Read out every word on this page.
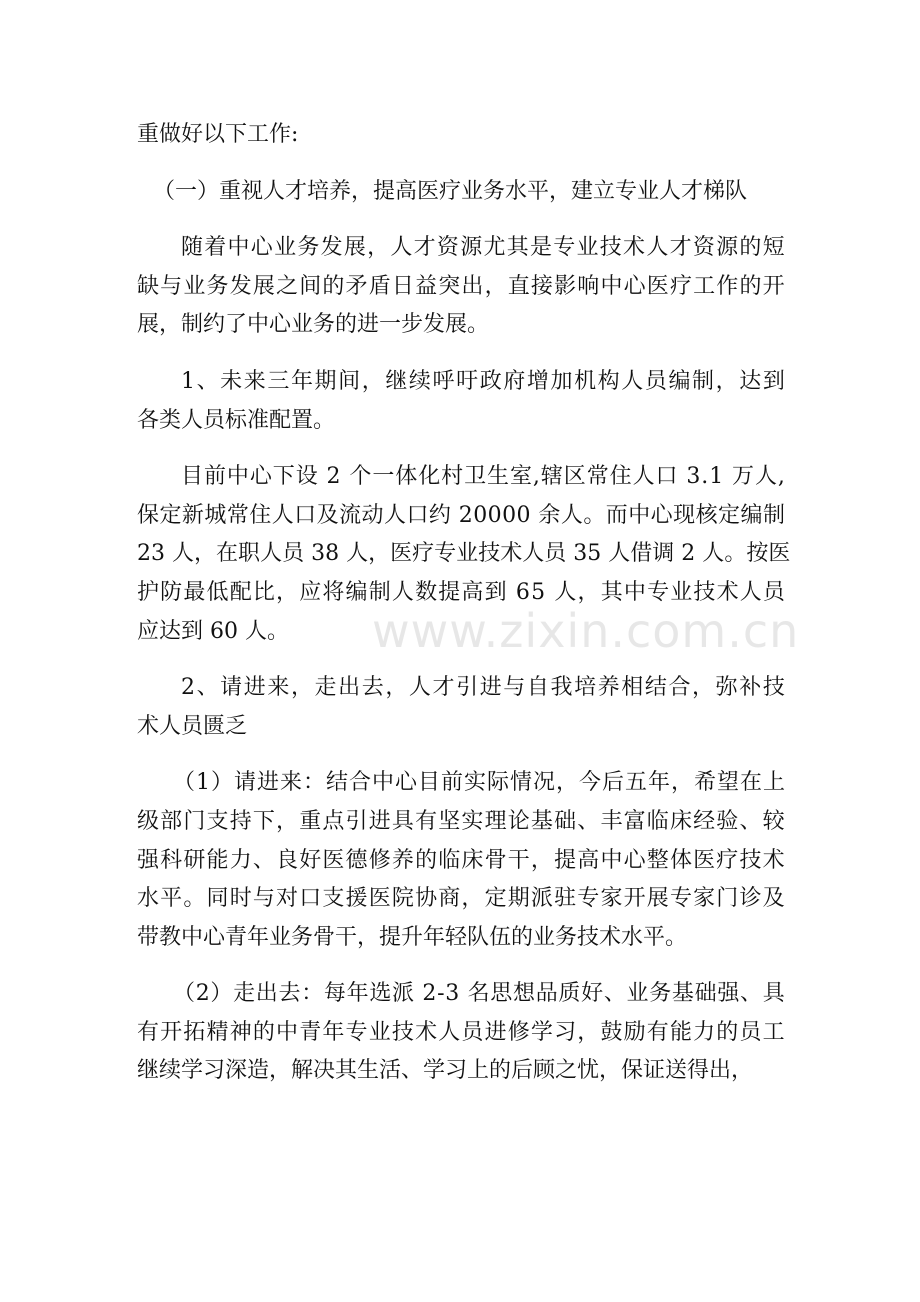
重做好以下工作:
（一）重视人才培养，提高医疗业务水平，建立专业人才梯队
随 着 中 心 业 务 发 展 ， 人 才 资 源 尤 其 是 专 业 技 术 人 才 资 源 的 短
缺 与 业 务 发 展 之 间 的 矛 盾 日 益 突 出 ， 直 接 影 响 中 心 医 疗 工 作 的 开
展，制约了中心业务的进一步发展。
1 、 未 来 三 年 期 间 ， 继 续 呼 吁 政 府 增 加 机 构 人 员 编 制 ， 达 到
各类人员标准配置。
目 前 中 心 下 设
2
个 一 体 化 村 卫 生 室 , 辖 区 常 住 人 口
3 . 1
万 人 ,
保 定 新 城 常 住 人 口 及 流 动 人 口 约
2 0 0 0 0
余 人 。 而 中 心 现 核 定 编 制
2 3
人 ， 在 职 人 员
3 8
人 ， 医 疗 专 业 技 术 人 员
3 5
人 借 调
2
人 。 按 医
护 防 最 低 配 比 ， 应 将 编 制 人 数 提 高 到
6 5
人 ， 其 中 专 业 技 术 人 员
应达到 60 人。
2 、 请 进 来 ， 走 出 去 ， 人 才 引 进 与 自 我 培 养 相 结 合 ， 弥 补 技
术人员匮乏
（ 1 ） 请 进 来 ： 结 合 中 心 目 前 实 际 情 况 ， 今 后 五 年 ， 希 望 在 上
级 部 门 支 持 下 ， 重 点 引 进 具 有 坚 实 理 论 基 础 、 丰 富 临 床 经 验 、 较
强 科 研 能 力 、 良 好 医 德 修 养 的 临 床 骨 干 ， 提 高 中 心 整 体 医 疗 技 术
水 平 。 同 时 与 对 口 支 援 医 院 协 商 ， 定 期 派 驻 专 家 开 展 专 家 门 诊 及
带教中心青年业务骨干，提升年轻队伍的业务技术水平。
（ 2 ） 走 出 去 ： 每 年 选 派
2 - 3
名 思 想 品 质 好 、 业 务 基 础 强 、 具
有 开 拓 精 神 的 中 青 年 专 业 技 术 人 员 进 修 学 习 ， 鼓 励 有 能 力 的 员 工
继续学习深造，解决其生活、学习上的后顾之忧，保证送得出，
www.zixin.com.cn
